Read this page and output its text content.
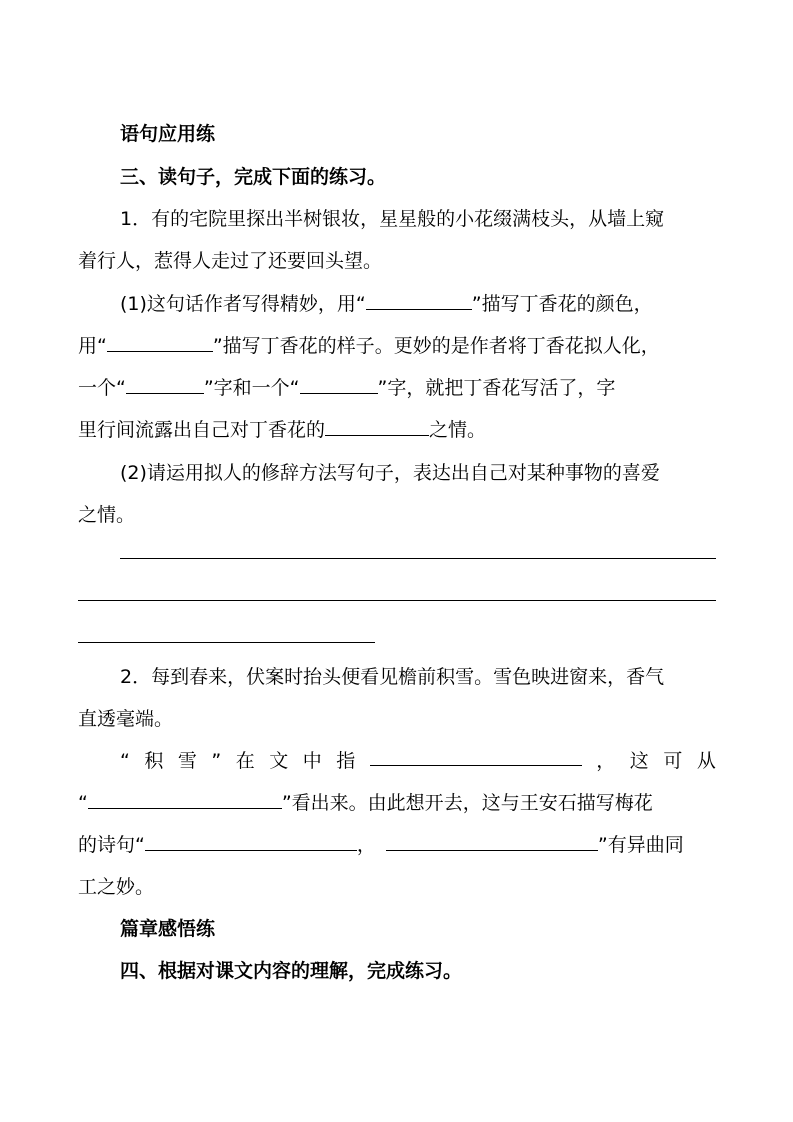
语句应用练
三、读句子，完成下面的练习。
1．有的宅院里探出半树银妆，星星般的小花缀满枝头，从墙上窥
着行人，惹得人走过了还要回头望。
(1)这句话作者写得精妙，用“	”描写丁香花的颜色，
用“	”描写丁香花的样子。更妙的是作者将丁香花拟人化，
一个“	”字和一个“	”字，就把丁香花写活了，字
里行间流露出自己对丁香花的	之情。
(2)请运用拟人的修辞方法写句子，表达出自己对某种事物的喜爱
之情。
2．每到春来，伏案时抬头便看见檐前积雪。雪色映进窗来，香气
直透毫端。
“ 积 雪 ” 在 文 中 指	， 这 可 从
“	”看出来。由此想开去，这与王安石描写梅花
的诗句“	，	”有异曲同
工之妙。
篇章感悟练
四、根据对课文内容的理解，完成练习。
